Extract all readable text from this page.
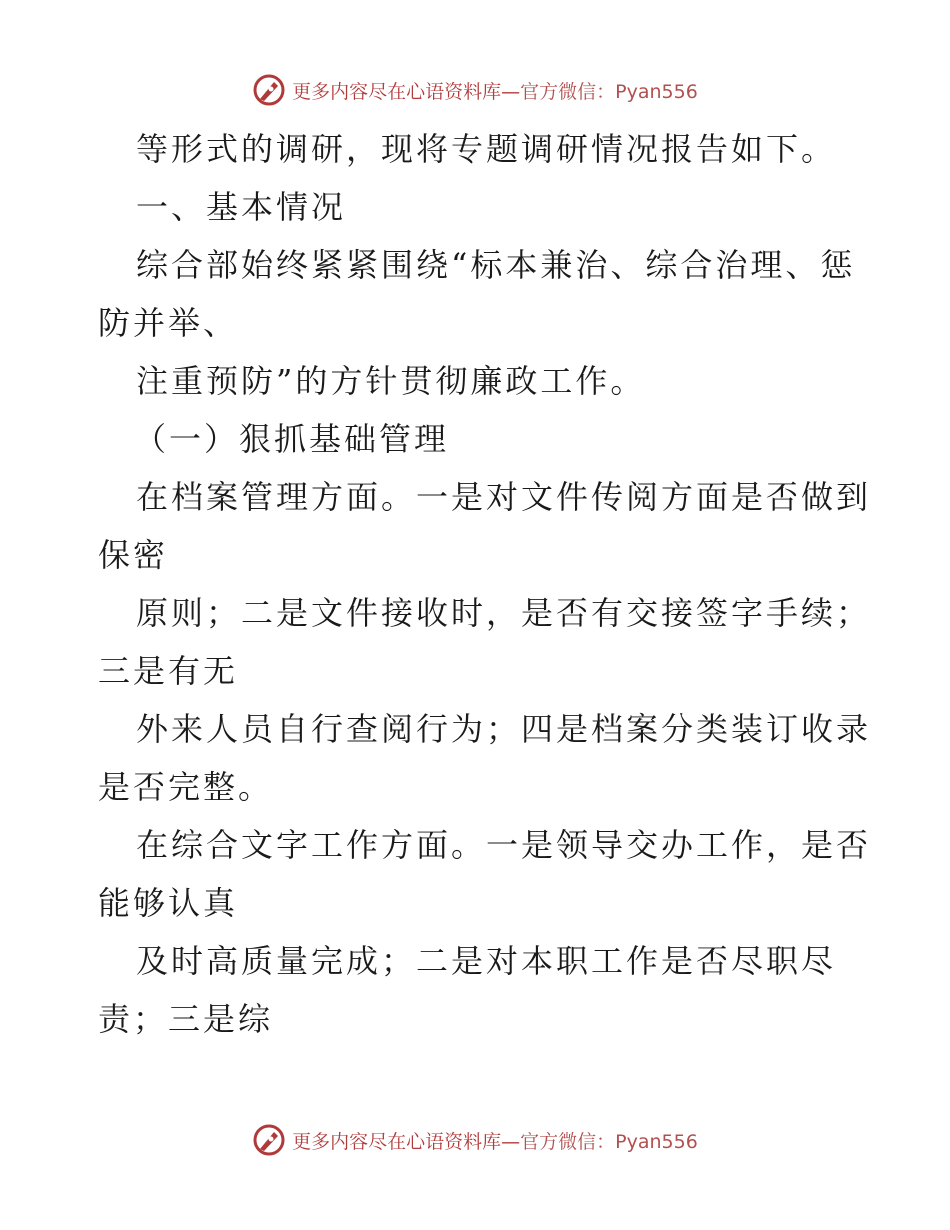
更多内容尽在心语资料库—官方微信：Pyan556

等形式的调研，现将专题调研情况报告如下。

一、基本情况

综合部始终紧紧围绕“标本兼治、综合治理、惩
防并举、

注重预防”的方针贯彻廉政工作。

（一）狠抓基础管理

在档案管理方面。一是对文件传阅方面是否做到
保密

原则；二是文件接收时，是否有交接签字手续；
三是有无

外来人员自行查阅行为；四是档案分类装订收录
是否完整。

在综合文字工作方面。一是领导交办工作，是否
能够认真

及时高质量完成；二是对本职工作是否尽职尽
责；三是综

更多内容尽在心语资料库—官方微信：Pyan556
